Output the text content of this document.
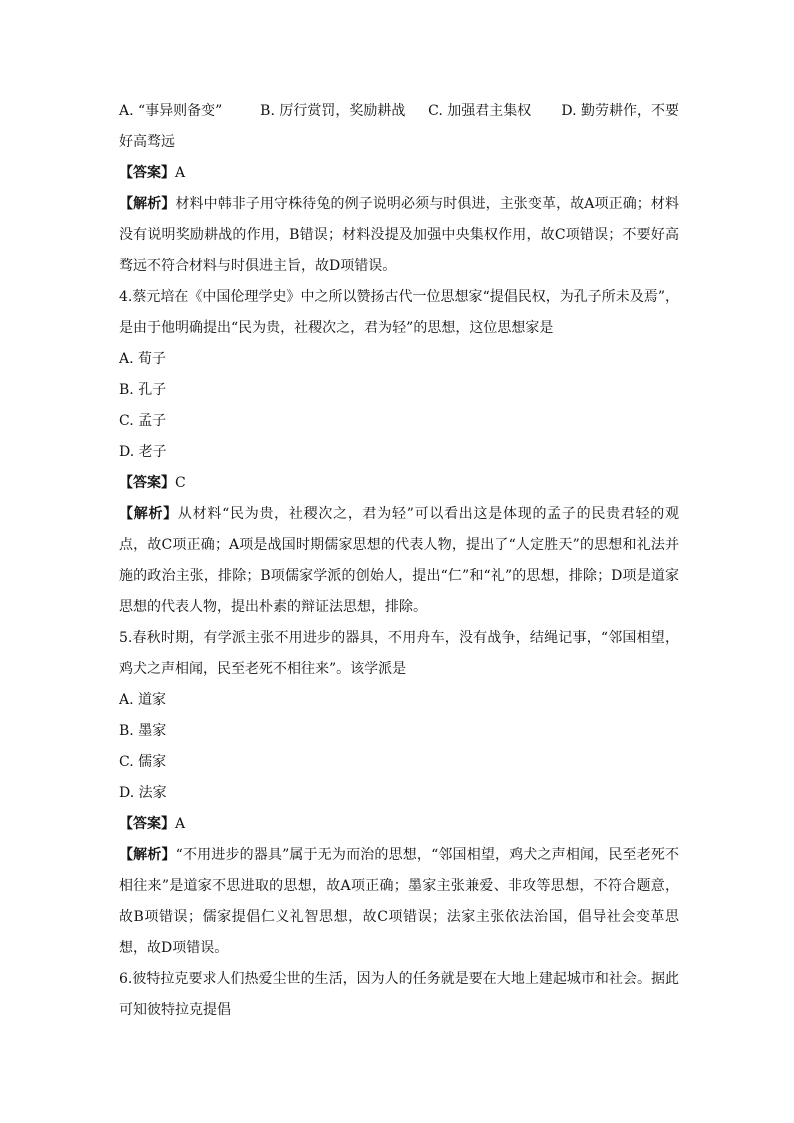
A. “事异则备变”	B. 厉行赏罚，奖励耕战	C. 加强君主集权	D. 勤劳耕作，不要
好高骛远
【答案】A
【解析】材料中韩非子用守株待兔的例子说明必须与时俱进，主张变革，故A项正确；材料没有说明奖励耕战的作用，B错误；材料没提及加强中央集权作用，故C项错误；不要好高骛远不符合材料与时俱进主旨，故D项错误。
4.蔡元培在《中国伦理学史》中之所以赞扬古代一位思想家“提倡民权，为孔子所未及焉”，是由于他明确提出“民为贵，社稷次之，君为轻”的思想，这位思想家是
A. 荀子
B. 孔子
C. 孟子
D. 老子
【答案】C
【解析】从材料“民为贵，社稷次之，君为轻”可以看出这是体现的孟子的民贵君轻的观点，故C项正确；A项是战国时期儒家思想的代表人物，提出了“人定胜天”的思想和礼法并施的政治主张，排除；B项儒家学派的创始人，提出“仁”和“礼”的思想，排除；D项是道家思想的代表人物，提出朴素的辩证法思想，排除。
5.春秋时期，有学派主张不用进步的器具，不用舟车，没有战争，结绳记事，“邻国相望，鸡犬之声相闻，民至老死不相往来”。该学派是
A. 道家
B. 墨家
C. 儒家
D. 法家
【答案】A
【解析】“不用进步的器具”属于无为而治的思想，“邻国相望，鸡犬之声相闻，民至老死不相往来”是道家不思进取的思想，故A项正确；墨家主张兼爱、非攻等思想，不符合题意，故B项错误；儒家提倡仁义礼智思想，故C项错误；法家主张依法治国，倡导社会变革思想，故D项错误。
6.彼特拉克要求人们热爱尘世的生活，因为人的任务就是要在大地上建起城市和社会。据此可知彼特拉克提倡
